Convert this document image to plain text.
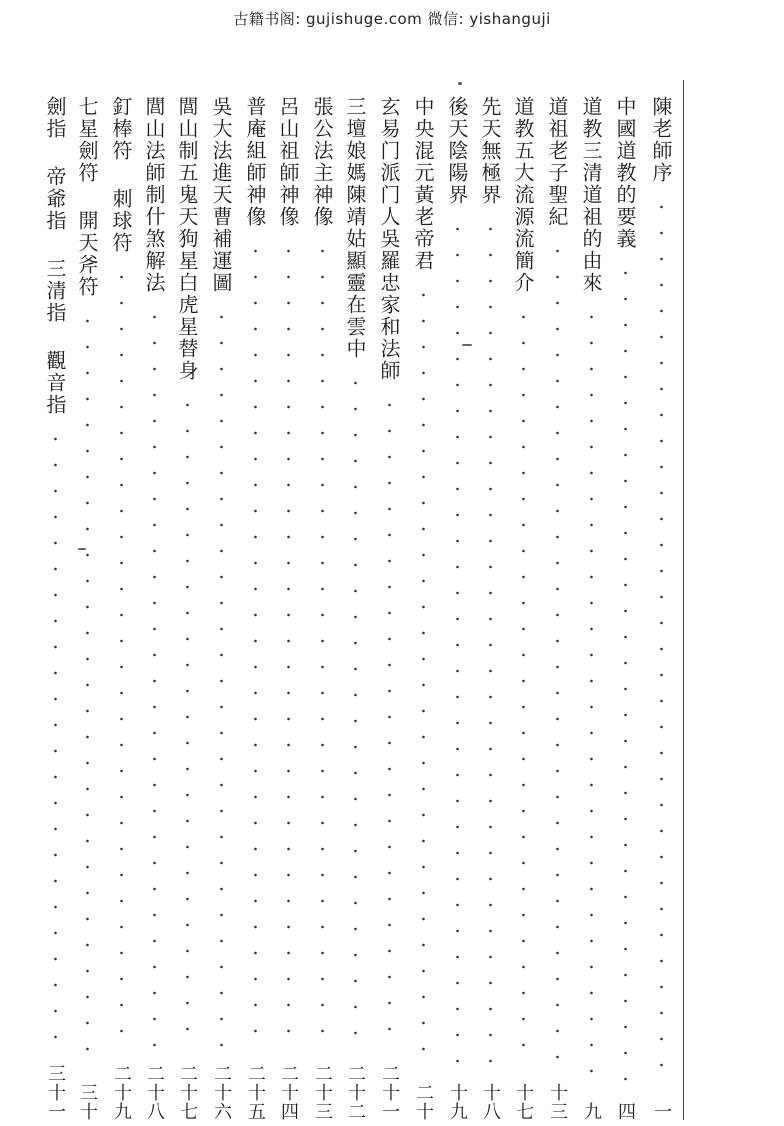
古籍书阁: gujishuge.com 微信: yishanguji
陳老師序
一
中國道教的要義
四
道教三清道祖的由來
九
道祖老子聖紀
十三
道教五大流源流簡介
十七
先天無極界
十八
後天陰陽界
十九
中央混元黃老帝君
二十
玄易门派门人吳羅忠家和法師
二十一
三壇娘媽陳靖姑顯靈在雲中
二十二
張公法主神像
二十三
呂山祖師神像
二十四
普庵組師神像
二十五
吳大法進天曹補運圖
二十六
閭山制五鬼天狗星白虎星替身
二十七
閭山法師制什煞解法
二十八
釘棒符 刺球符
二十九
七星劍符 開天斧符
三十
劍指 帝爺指 三清指 觀音指
三十一
